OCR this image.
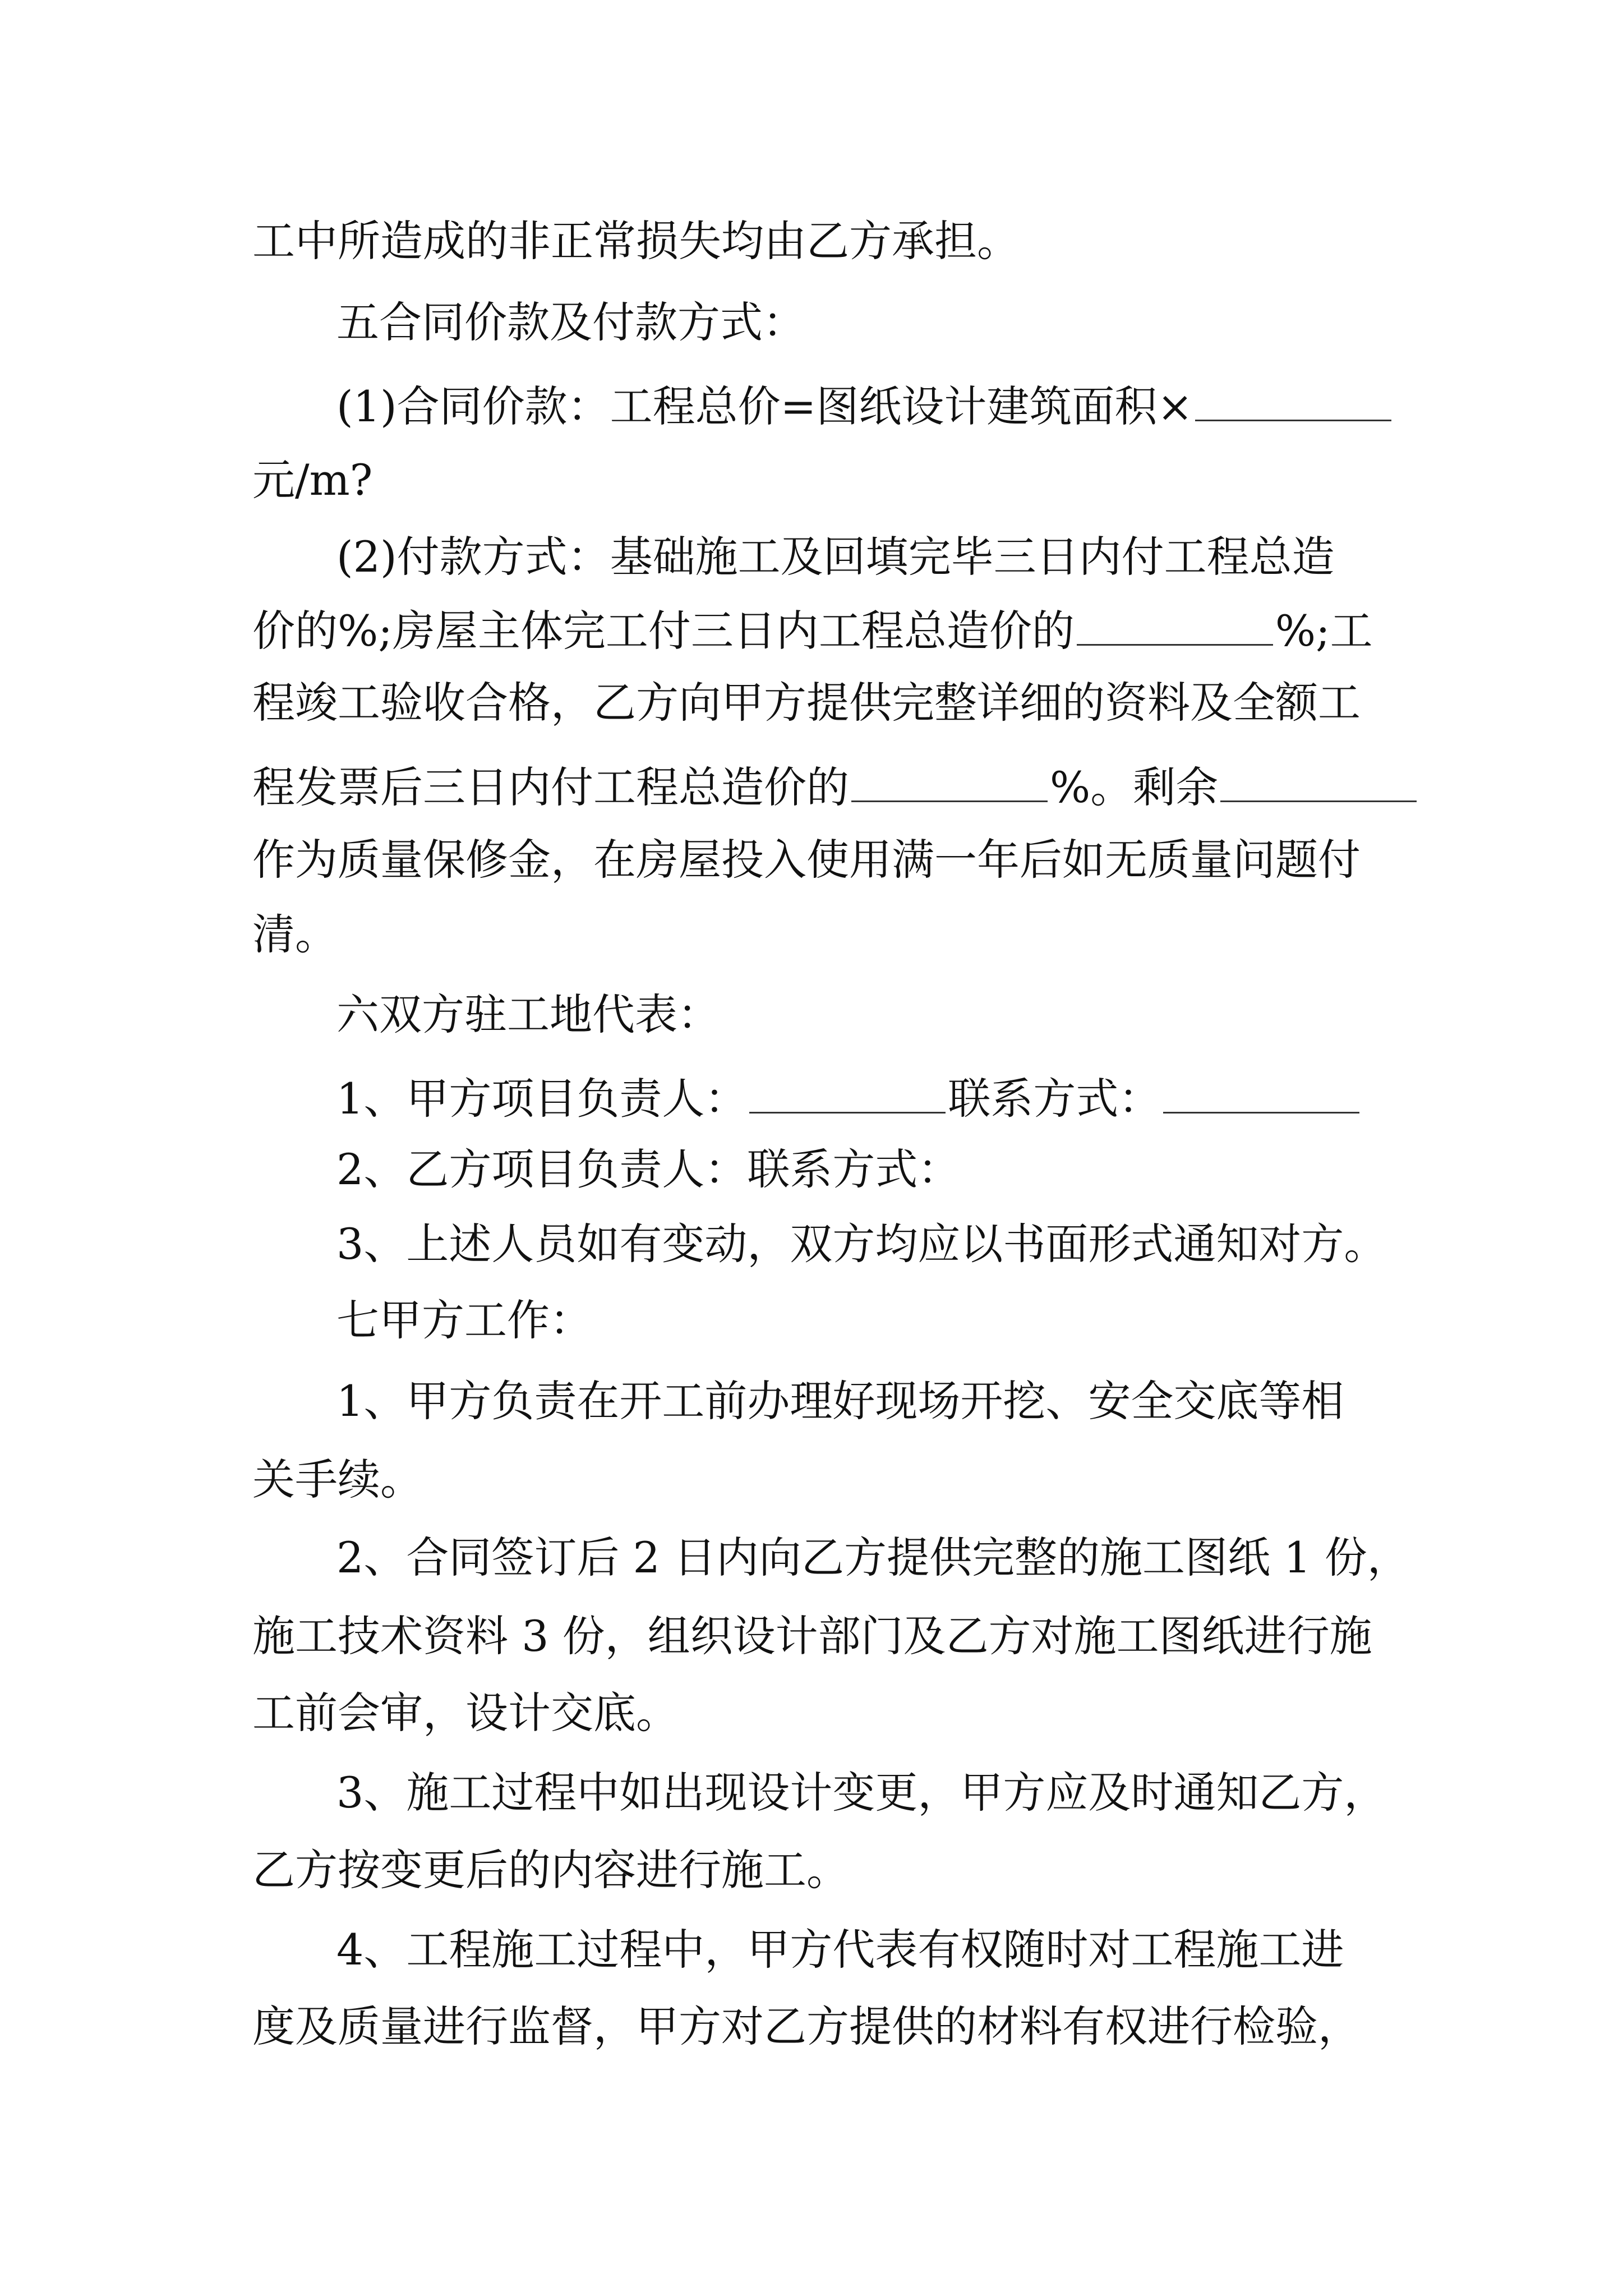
工中所造成的非正常损失均由乙方承担。

五合同价款及付款方式：

(1)合同价款：工程总价=图纸设计建筑面积×

元/m?

(2)付款方式：基础施工及回填完毕三日内付工程总造

价的%;房屋主体完工付三日内工程总造价的	%;工

程竣工验收合格，乙方向甲方提供完整详细的资料及全额工

程发票后三日内付工程总造价的	%。剩余

作为质量保修金，在房屋投入使用满一年后如无质量问题付

清。

六双方驻工地代表：

1、甲方项目负责人：	联系方式：

2、乙方项目负责人：联系方式：

3、上述人员如有变动，双方均应以书面形式通知对方。

七甲方工作：

1、甲方负责在开工前办理好现场开挖、安全交底等相

关手续。

2、合同签订后 2 日内向乙方提供完整的施工图纸 1 份，

施工技术资料 3 份，组织设计部门及乙方对施工图纸进行施

工前会审，设计交底。

3、施工过程中如出现设计变更，甲方应及时通知乙方，

乙方按变更后的内容进行施工。

4、工程施工过程中，甲方代表有权随时对工程施工进

度及质量进行监督，甲方对乙方提供的材料有权进行检验，
